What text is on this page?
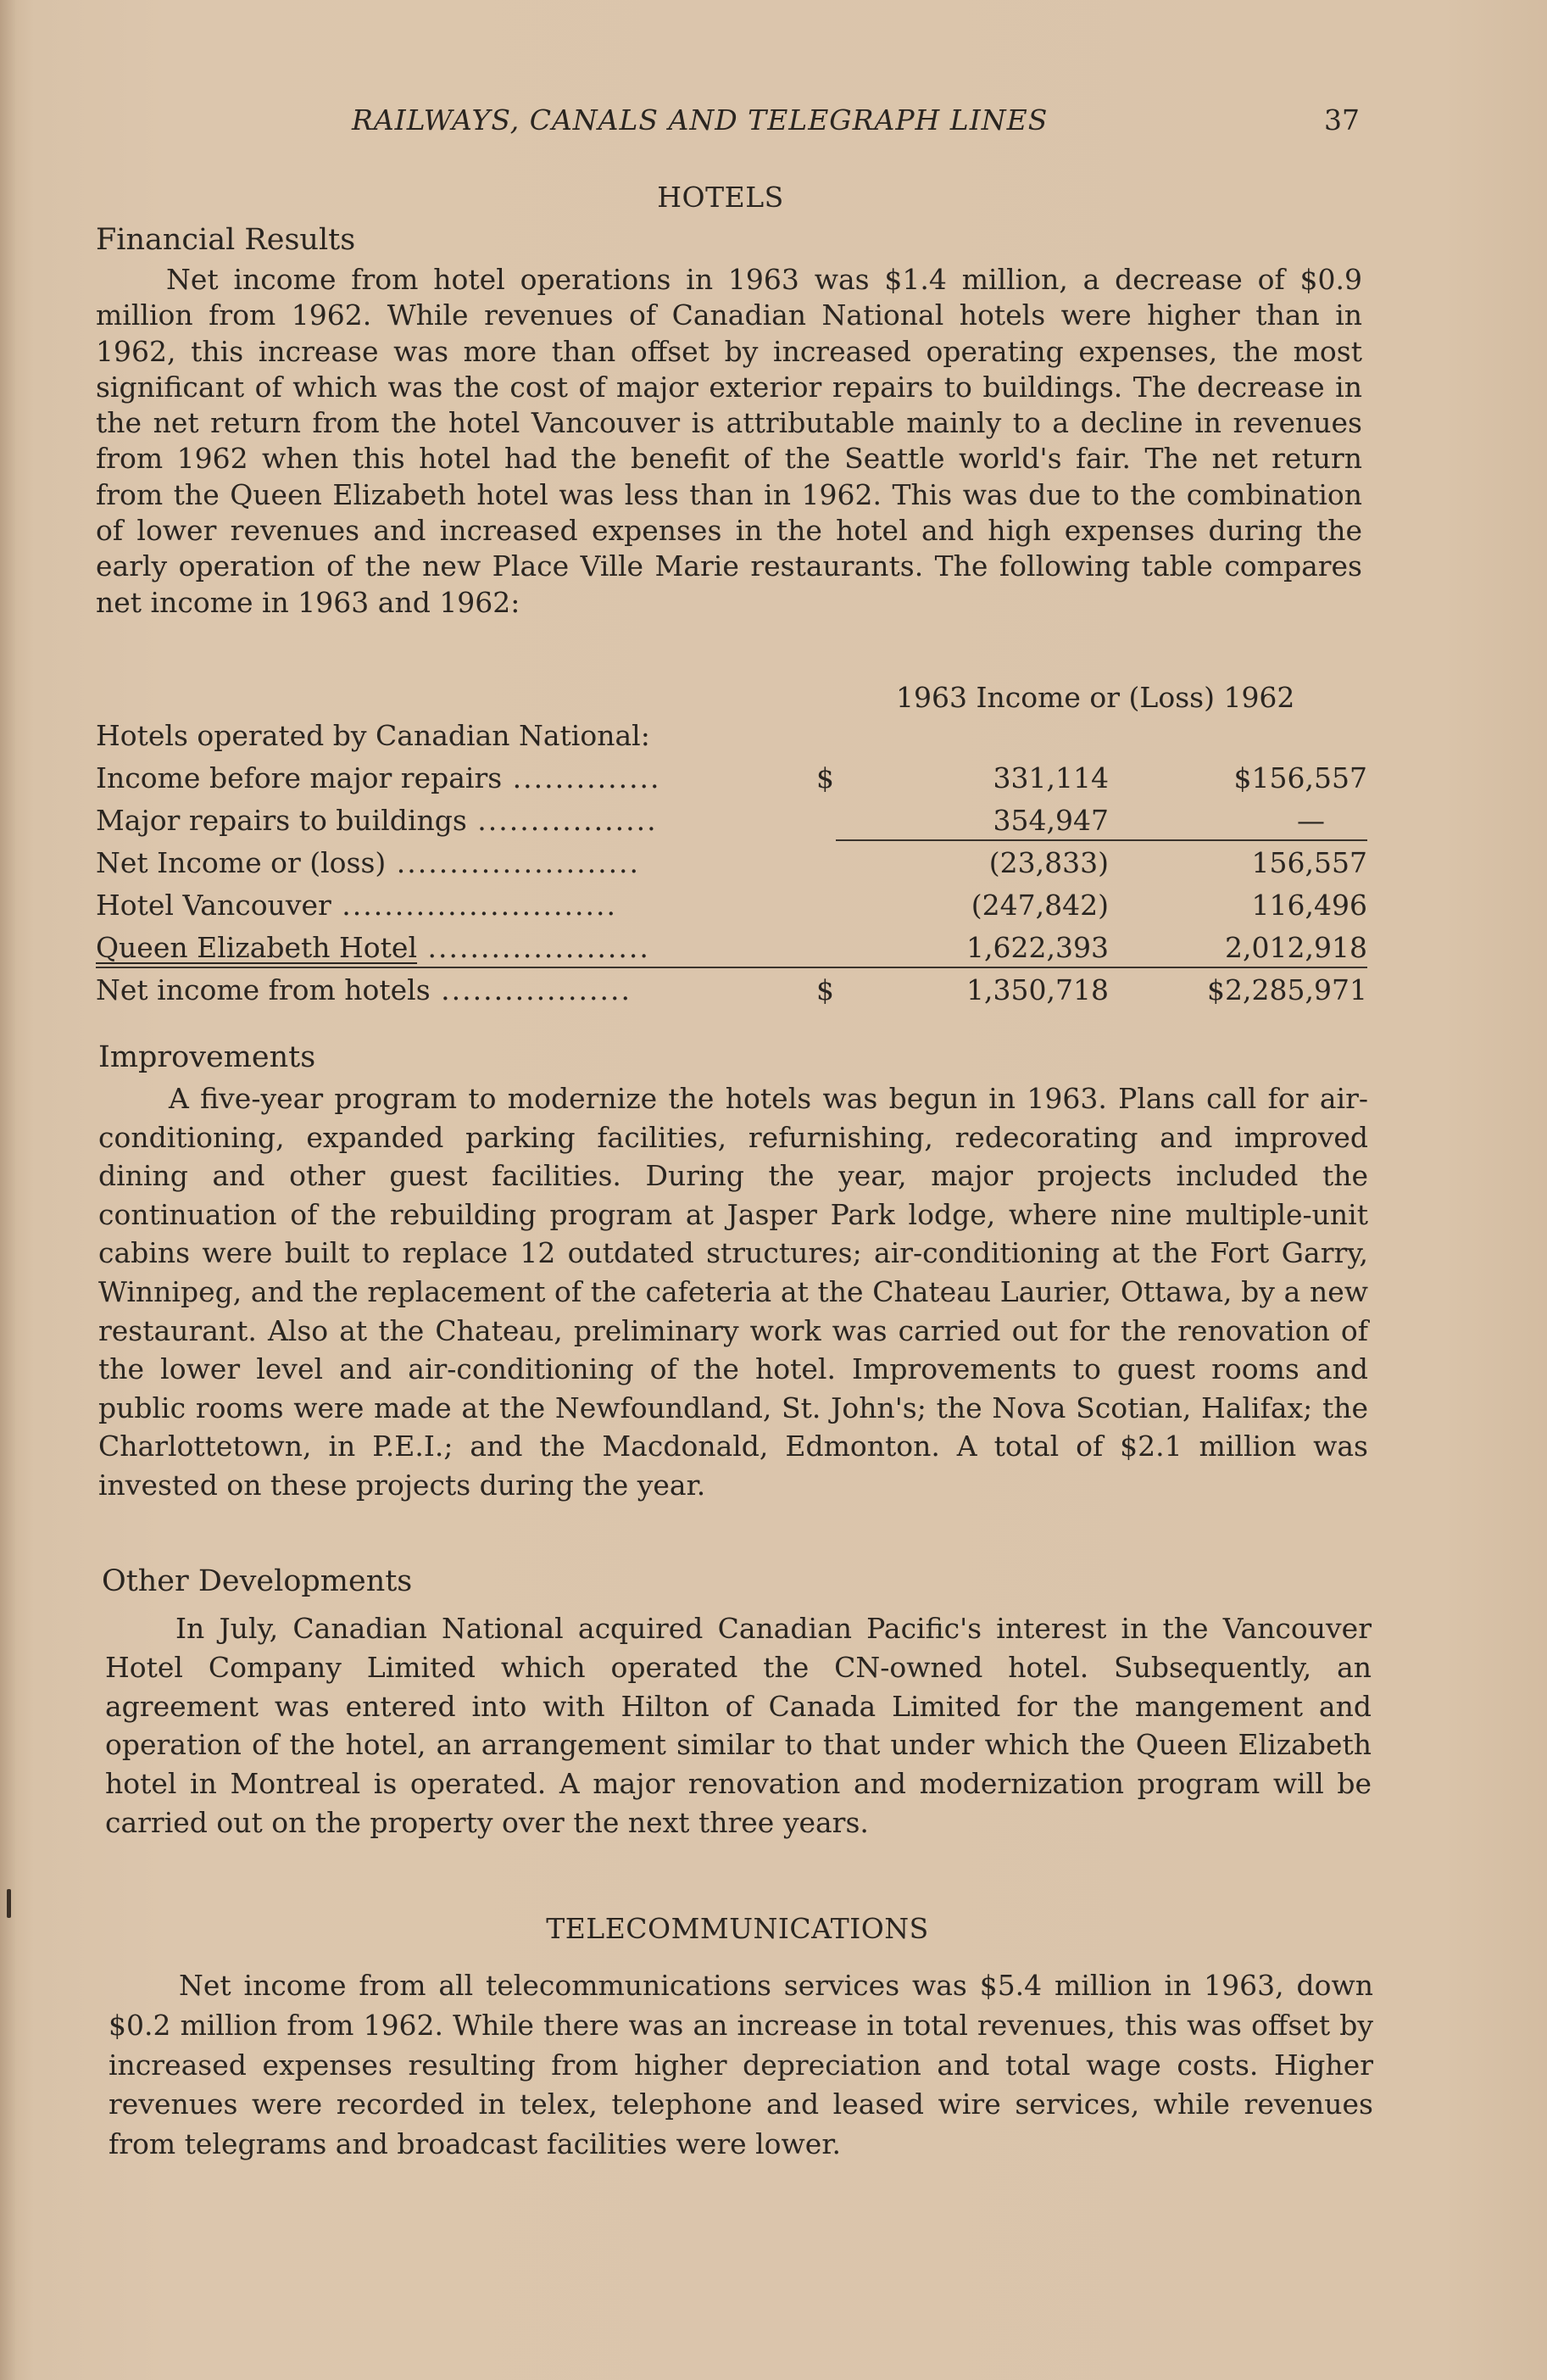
RAILWAYS, CANALS AND TELEGRAPH LINES	37
HOTELS
Financial Results
Net income from hotel operations in 1963 was $1.4 million, a decrease of $0.9 million from 1962. While revenues of Canadian National hotels were higher than in 1962, this increase was more than offset by increased operating expenses, the most significant of which was the cost of major exterior repairs to buildings. The decrease in the net return from the hotel Vancouver is attributable mainly to a decline in revenues from 1962 when this hotel had the benefit of the Seattle world's fair. The net return from the Queen Elizabeth hotel was less than in 1962. This was due to the combination of lower revenues and increased expenses in the hotel and high expenses during the early operation of the new Place Ville Marie restaurants. The following table compares net income in 1963 and 1962:
1963 Income or (Loss) 1962
Hotels operated by Canadian National:
Income before major repairs ..............	$	331,114	$156,557
Major repairs to buildings .................	354,947	—
Net Income or (loss) .......................	(23,833)	156,557
Hotel Vancouver ..........................	(247,842)	116,496
Queen Elizabeth Hotel .....................	1,622,393	2,012,918
Net income from hotels ..................	$	1,350,718	$2,285,971
Improvements
A five-year program to modernize the hotels was begun in 1963. Plans call for air-conditioning, expanded parking facilities, refurnishing, redecorating and improved dining and other guest facilities. During the year, major projects included the continuation of the rebuilding program at Jasper Park lodge, where nine multiple-unit cabins were built to replace 12 outdated structures; air-conditioning at the Fort Garry, Winnipeg, and the replacement of the cafeteria at the Chateau Laurier, Ottawa, by a new restaurant. Also at the Chateau, preliminary work was carried out for the renovation of the lower level and air-conditioning of the hotel. Improvements to guest rooms and public rooms were made at the Newfoundland, St. John's; the Nova Scotian, Halifax; the Charlottetown, in P.E.I.; and the Macdonald, Edmonton. A total of $2.1 million was invested on these projects during the year.
Other Developments
In July, Canadian National acquired Canadian Pacific's interest in the Vancouver Hotel Company Limited which operated the CN-owned hotel. Subsequently, an agreement was entered into with Hilton of Canada Limited for the mangement and operation of the hotel, an arrangement similar to that under which the Queen Elizabeth hotel in Montreal is operated. A major renovation and modernization program will be carried out on the property over the next three years.
TELECOMMUNICATIONS
Net income from all telecommunications services was $5.4 million in 1963, down $0.2 million from 1962. While there was an increase in total revenues, this was offset by increased expenses resulting from higher depreciation and total wage costs. Higher revenues were recorded in telex, telephone and leased wire services, while revenues from telegrams and broadcast facilities were lower.
